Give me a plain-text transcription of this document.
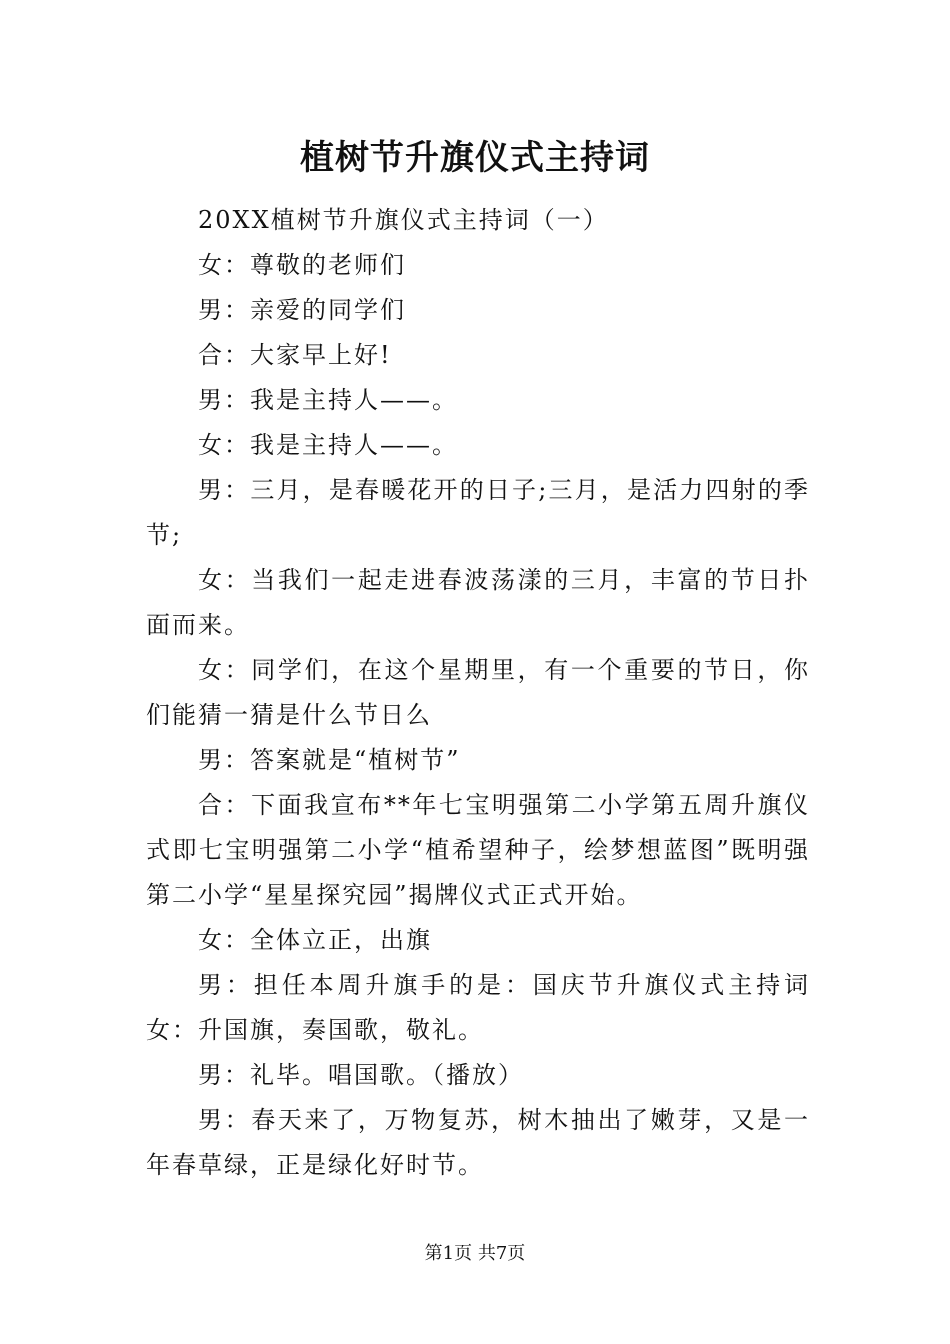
植树节升旗仪式主持词

20XX植树节升旗仪式主持词（一）

女：尊敬的老师们

男：亲爱的同学们

合：大家早上好!

男：我是主持人——。

女：我是主持人——。

男：三月，是春暖花开的日子;三月，是活力四射的季节;

女：当我们一起走进春波荡漾的三月，丰富的节日扑面而来。

女：同学们，在这个星期里，有一个重要的节日，你们能猜一猜是什么节日么

男：答案就是“植树节”

合：下面我宣布**年七宝明强第二小学第五周升旗仪式即七宝明强第二小学“植希望种子，绘梦想蓝图”既明强第二小学“星星探究园”揭牌仪式正式开始。

女：全体立正，出旗

男：担任本周升旗手的是：国庆节升旗仪式主持词女：升国旗，奏国歌，敬礼。

男：礼毕。唱国歌。（播放）

男：春天来了，万物复苏，树木抽出了嫩芽，又是一年春草绿，正是绿化好时节。

第1页 共7页
